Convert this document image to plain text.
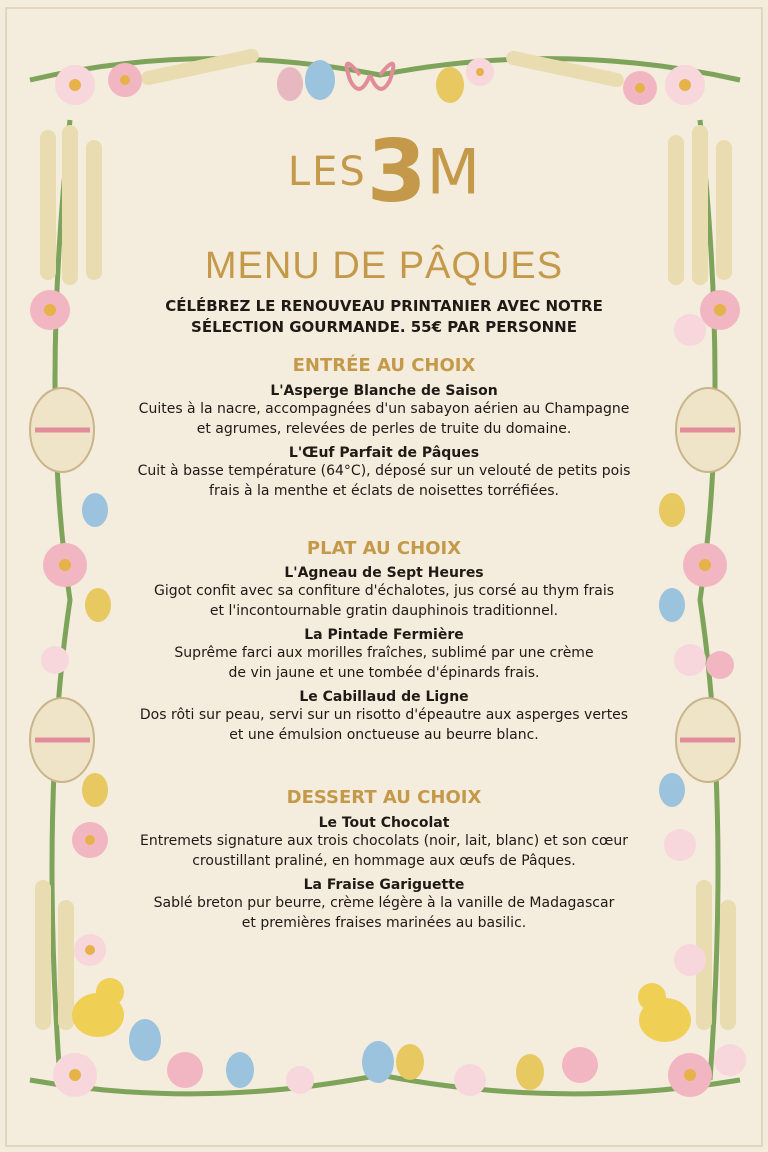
LES3M
MENU DE PÂQUES
CÉLÉBREZ LE RENOUVEAU PRINTANIER AVEC NOTRE
SÉLECTION GOURMANDE. 55€ PAR PERSONNE

ENTRÉE AU CHOIX

L'Asperge Blanche de Saison

Cuites à la nacre, accompagnées d'un sabayon aérien au Champagne

et agrumes, relevées de perles de truite du domaine.

L'Œuf Parfait de Pâques

Cuit à basse température (64°C), déposé sur un velouté de petits pois

frais à la menthe et éclats de noisettes torréfiées.

PLAT AU CHOIX

L'Agneau de Sept Heures

Gigot confit avec sa confiture d'échalotes, jus corsé au thym frais

et l'incontournable gratin dauphinois traditionnel.

La Pintade Fermière

Suprême farci aux morilles fraîches, sublimé par une crème

de vin jaune et une tombée d'épinards frais.

Le Cabillaud de Ligne

Dos rôti sur peau, servi sur un risotto d'épeautre aux asperges vertes

et une émulsion onctueuse au beurre blanc.

DESSERT AU CHOIX

Le Tout Chocolat

Entremets signature aux trois chocolats (noir, lait, blanc) et son cœur

croustillant praliné, en hommage aux œufs de Pâques.

La Fraise Gariguette

Sablé breton pur beurre, crème légère à la vanille de Madagascar

et premières fraises marinées au basilic.
